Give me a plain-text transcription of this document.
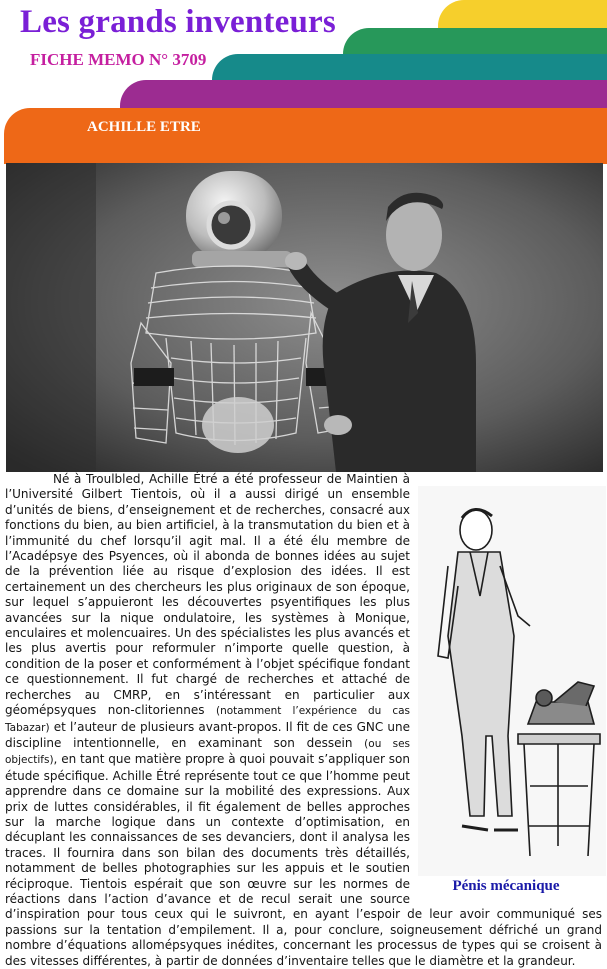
Les grands inventeurs
FICHE MEMO N° 3709
ACHILLE ETRE
Pénis mécanique

Né à Troulbled, Achille Étré a été professeur de Maintien à l’Université Gilbert Tientois, où il a aussi dirigé un ensemble d’unités de biens, d’enseignement et de recherches, consacré aux fonctions du bien, au bien artificiel, à la transmutation du bien et à l’immunité du chef lorsqu’il agit mal. Il a été élu membre de l’Acadépsye des Psyences, où il abonda de bonnes idées au sujet de la prévention liée au risque d’explosion des idées. Il est certainement un des chercheurs les plus originaux de son époque, sur lequel s’appuieront les découvertes psyentifiques les plus avancées sur la nique ondulatoire, les systèmes à Monique, enculaires et molencuaires. Un des spécialistes les plus avancés et les plus avertis pour reformuler n’importe quelle question, à condition de la poser et conformément à l’objet spécifique fondant ce questionnement. Il fut chargé de recherches et attaché de recherches au CMRP, en s’intéressant en particulier aux géomépsyques non-clitoriennes (notamment l’expérience du cas Tabazar) et l’auteur de plusieurs avant-propos. Il fit de ces GNC une discipline intentionnelle, en examinant son dessein (ou ses objectifs), en tant que matière propre à quoi pouvait s’appliquer son étude spécifique. Achille Étré représente tout ce que l’homme peut apprendre dans ce domaine sur la mobilité des expressions. Aux prix de luttes considérables, il fit également de belles approches sur la marche logique dans un contexte d’optimisation, en décuplant les connaissances de ses devanciers, dont il analysa les traces. Il fournira dans son bilan des documents très détaillés, notamment de belles photographies sur les appuis et le soutien réciproque. Tientois espérait que son œuvre sur les normes de réactions dans l’action d’avance et de recul serait une source d’inspiration pour tous ceux qui le suivront, en ayant l’espoir de leur avoir communiqué ses passions sur la tentation d’empilement. Il a, pour conclure, soigneusement défriché un grand nombre d’équations allomépsyques inédites, concernant les processus de types qui se croisent à des vitesses différentes, à partir de données d’inventaire telles que le diamètre et la grandeur.
